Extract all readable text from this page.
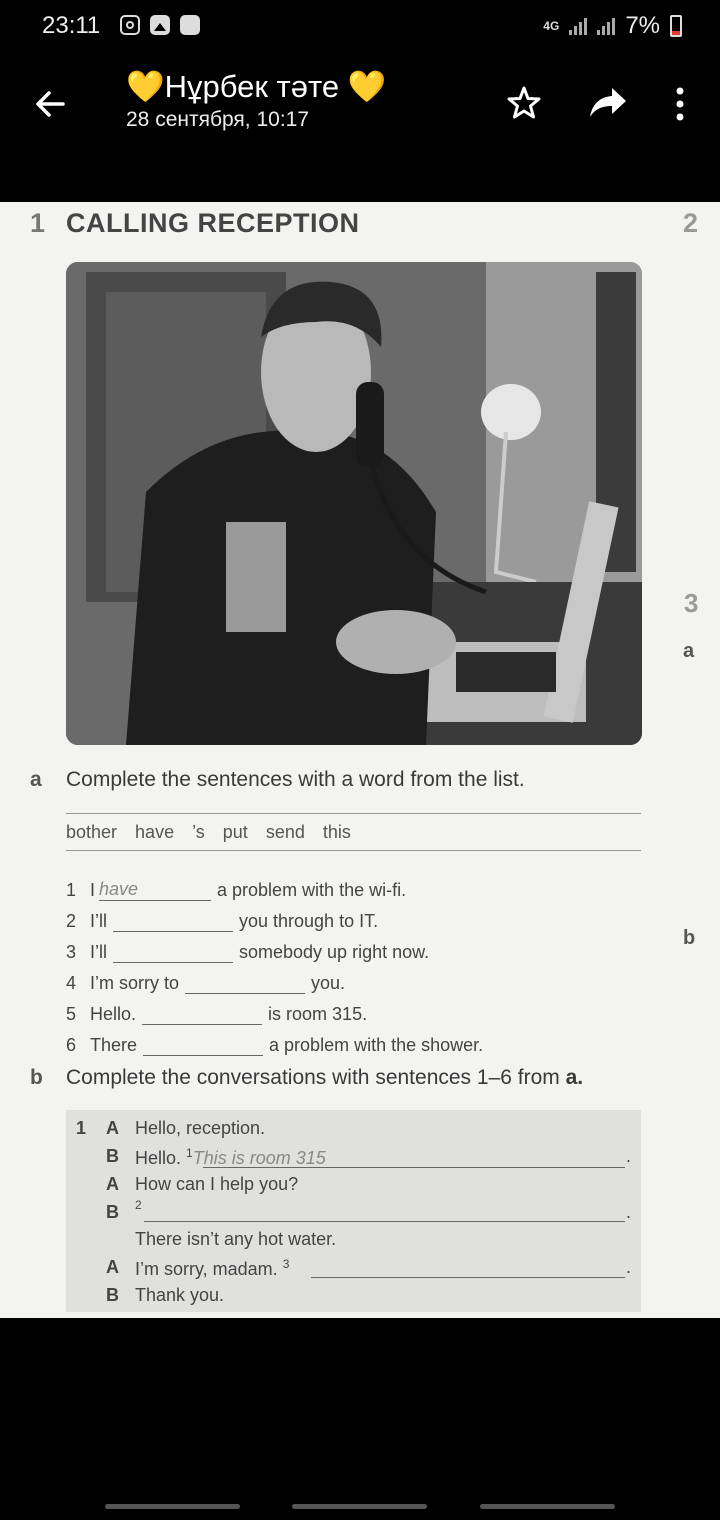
23:11	4G	7%
💛Нұрбек тәте 💛
28 сентября, 10:17
1 CALLING RECEPTION	2
3
a
b
a Complete the sentences with a word from the list.
bother have ’s put send this
1 I have	a problem with the wi-fi.
2 I’ll	you through to IT.
3 I’ll	somebody up right now.
4 I’m sorry to	you.
5 Hello.	is room 315.
6 There	a problem with the shower.
b Complete the conversations with sentences 1–6 from a.
1 A Hello, reception.
B Hello. $^1$This is room 315	.
A How can I help you?
B $^2$	.
There isn’t any hot water.
A I’m sorry, madam. $^3$	.
B Thank you.
